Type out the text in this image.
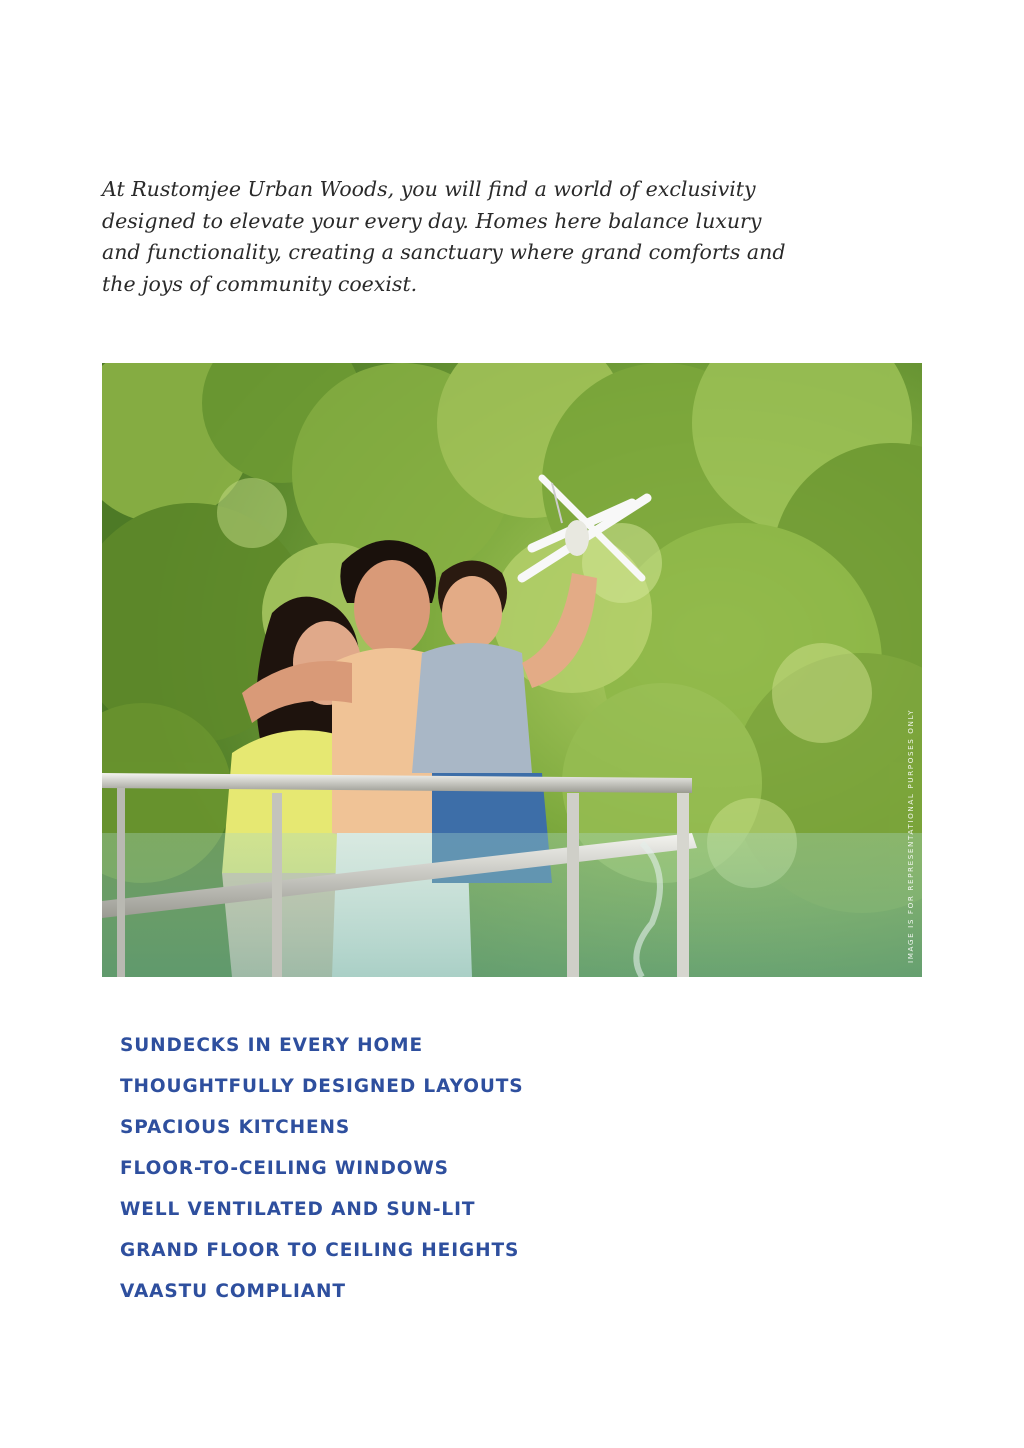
At Rustomjee Urban Woods, you will find a world of exclusivity
designed to elevate your every day. Homes here balance luxury
and functionality, creating a sanctuary where grand comforts and
the joys of community coexist.

IMAGE IS FOR REPRESENTATIONAL PURPOSES ONLY
SUNDECKS IN EVERY HOME
THOUGHTFULLY DESIGNED LAYOUTS
SPACIOUS KITCHENS
FLOOR-TO-CEILING WINDOWS
WELL VENTILATED AND SUN-LIT
GRAND FLOOR TO CEILING HEIGHTS
VAASTU COMPLIANT
